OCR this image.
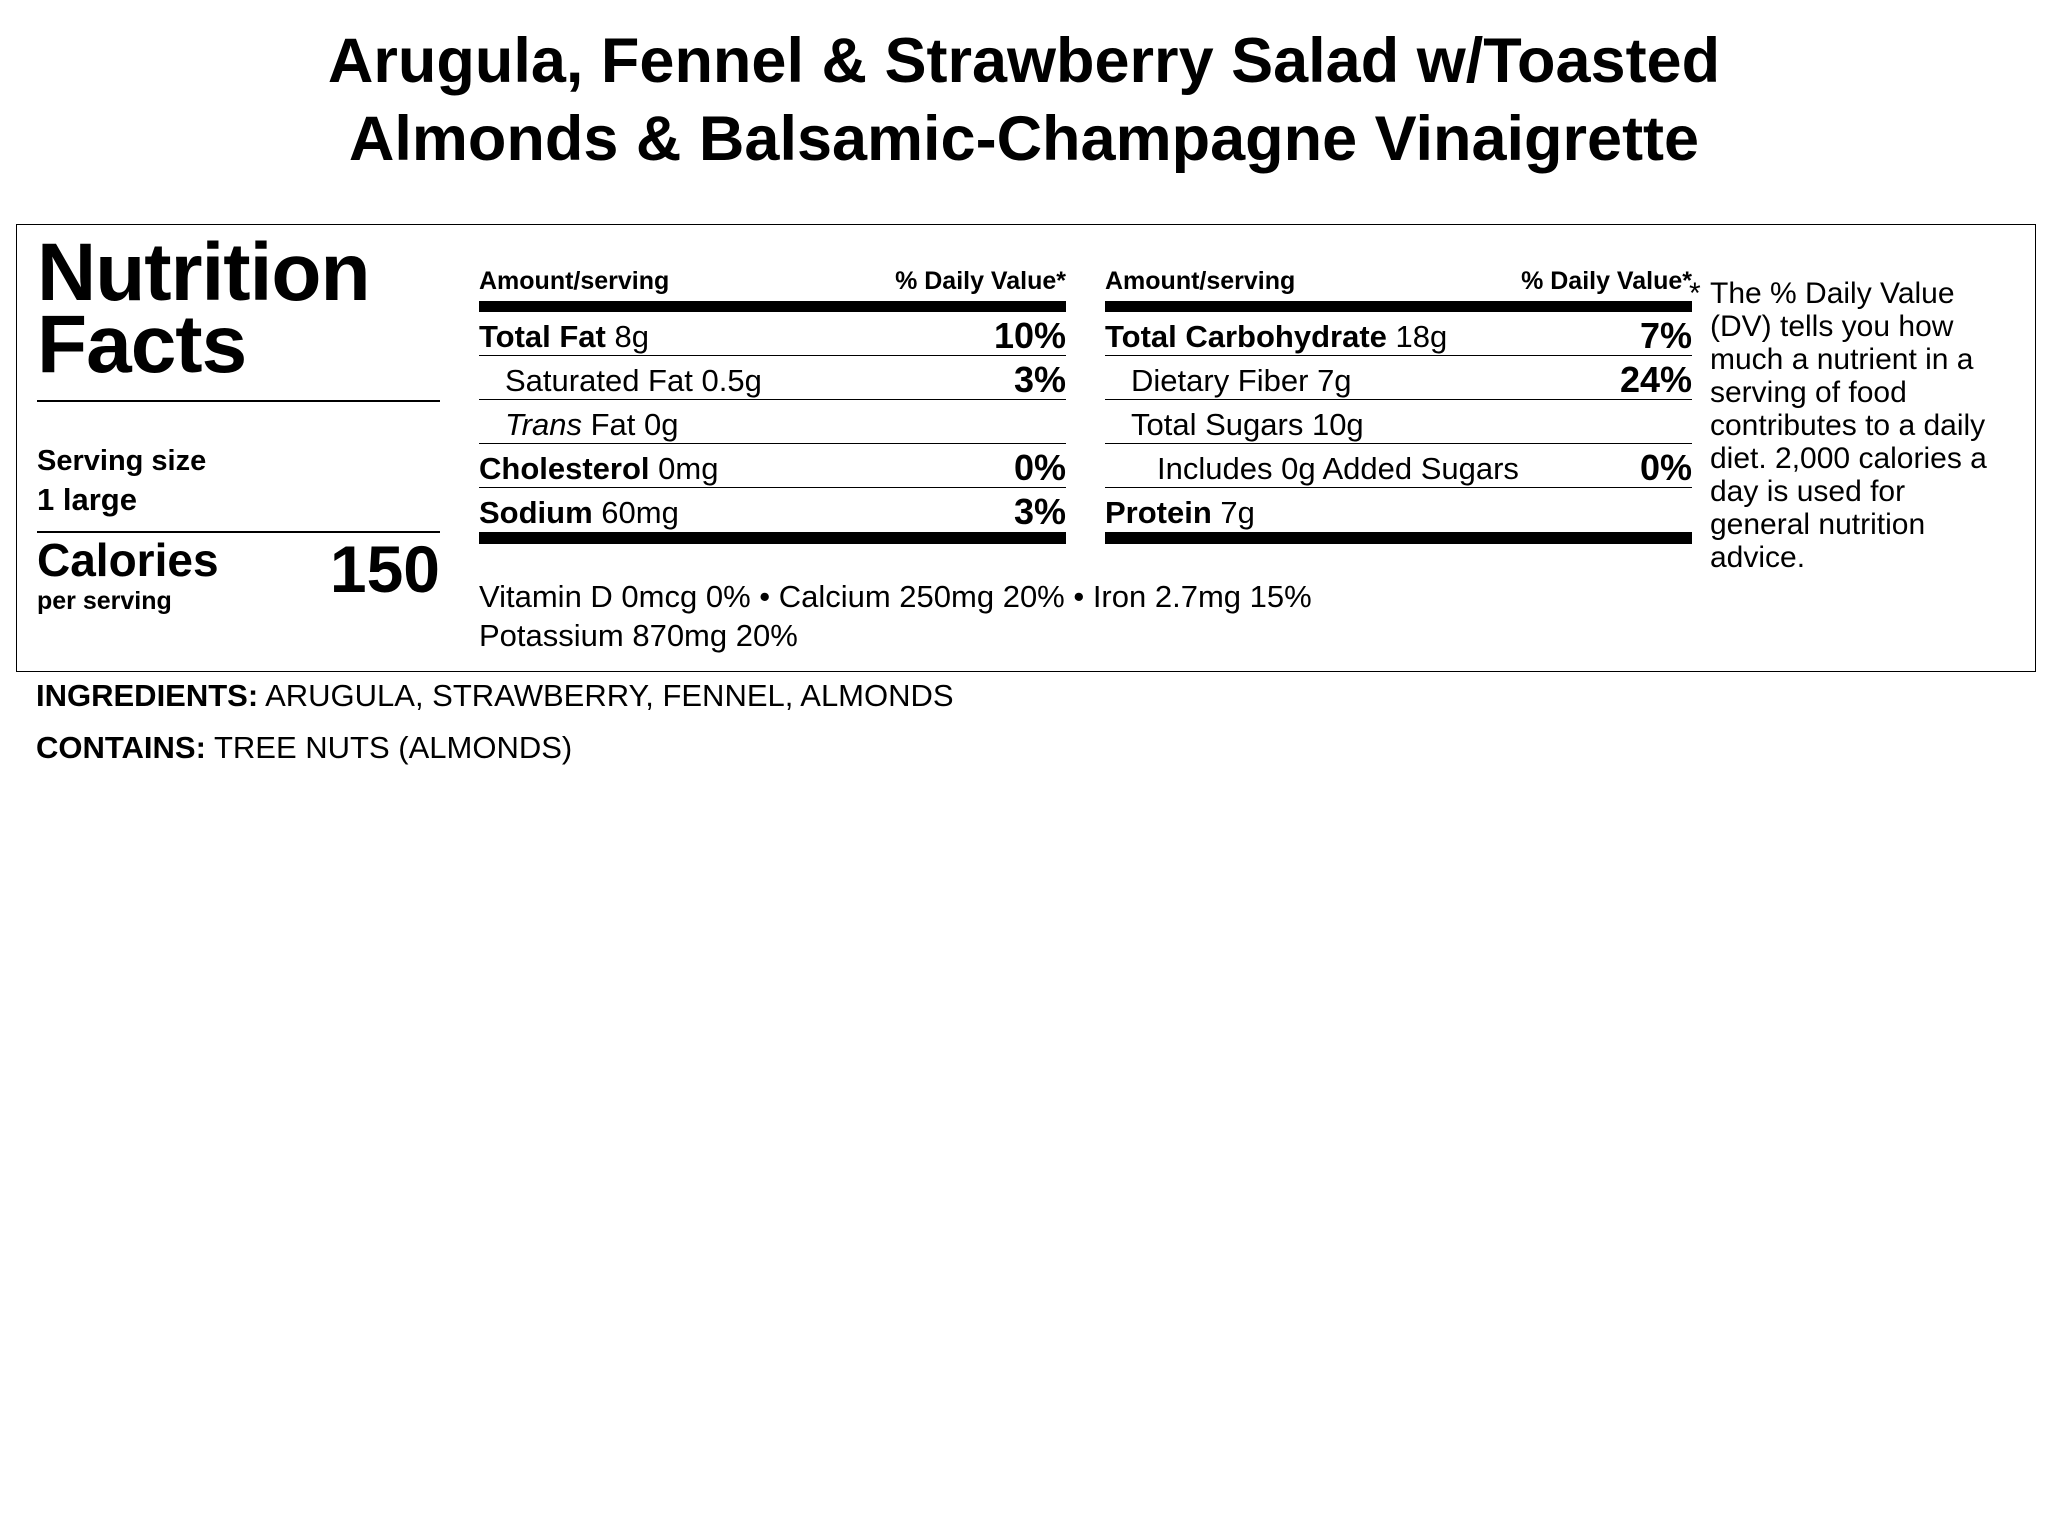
Arugula, Fennel & Strawberry Salad w/Toasted
Almonds & Balsamic-Champagne Vinaigrette
Nutrition
Facts
Serving size
1 large
Calories
per serving 150
Amount/serving	% Daily Value*
Total Fat 8g	10%
Saturated Fat 0.5g	3%
Trans Fat 0g
Cholesterol 0mg	0%
Sodium 60mg	3%
Amount/serving	% Daily Value*
Total Carbohydrate 18g	7%
Dietary Fiber 7g	24%
Total Sugars 10g
Includes 0g Added Sugars	0%
Protein 7g
Vitamin D 0mcg 0% • Calcium 250mg 20% • Iron 2.7mg 15%
Potassium 870mg 20%
* The % Daily Value (DV) tells you how much a nutrient in a serving of food contributes to a daily diet. 2,000 calories a day is used for general nutrition advice.
INGREDIENTS: ARUGULA, STRAWBERRY, FENNEL, ALMONDS
CONTAINS: TREE NUTS (ALMONDS)
